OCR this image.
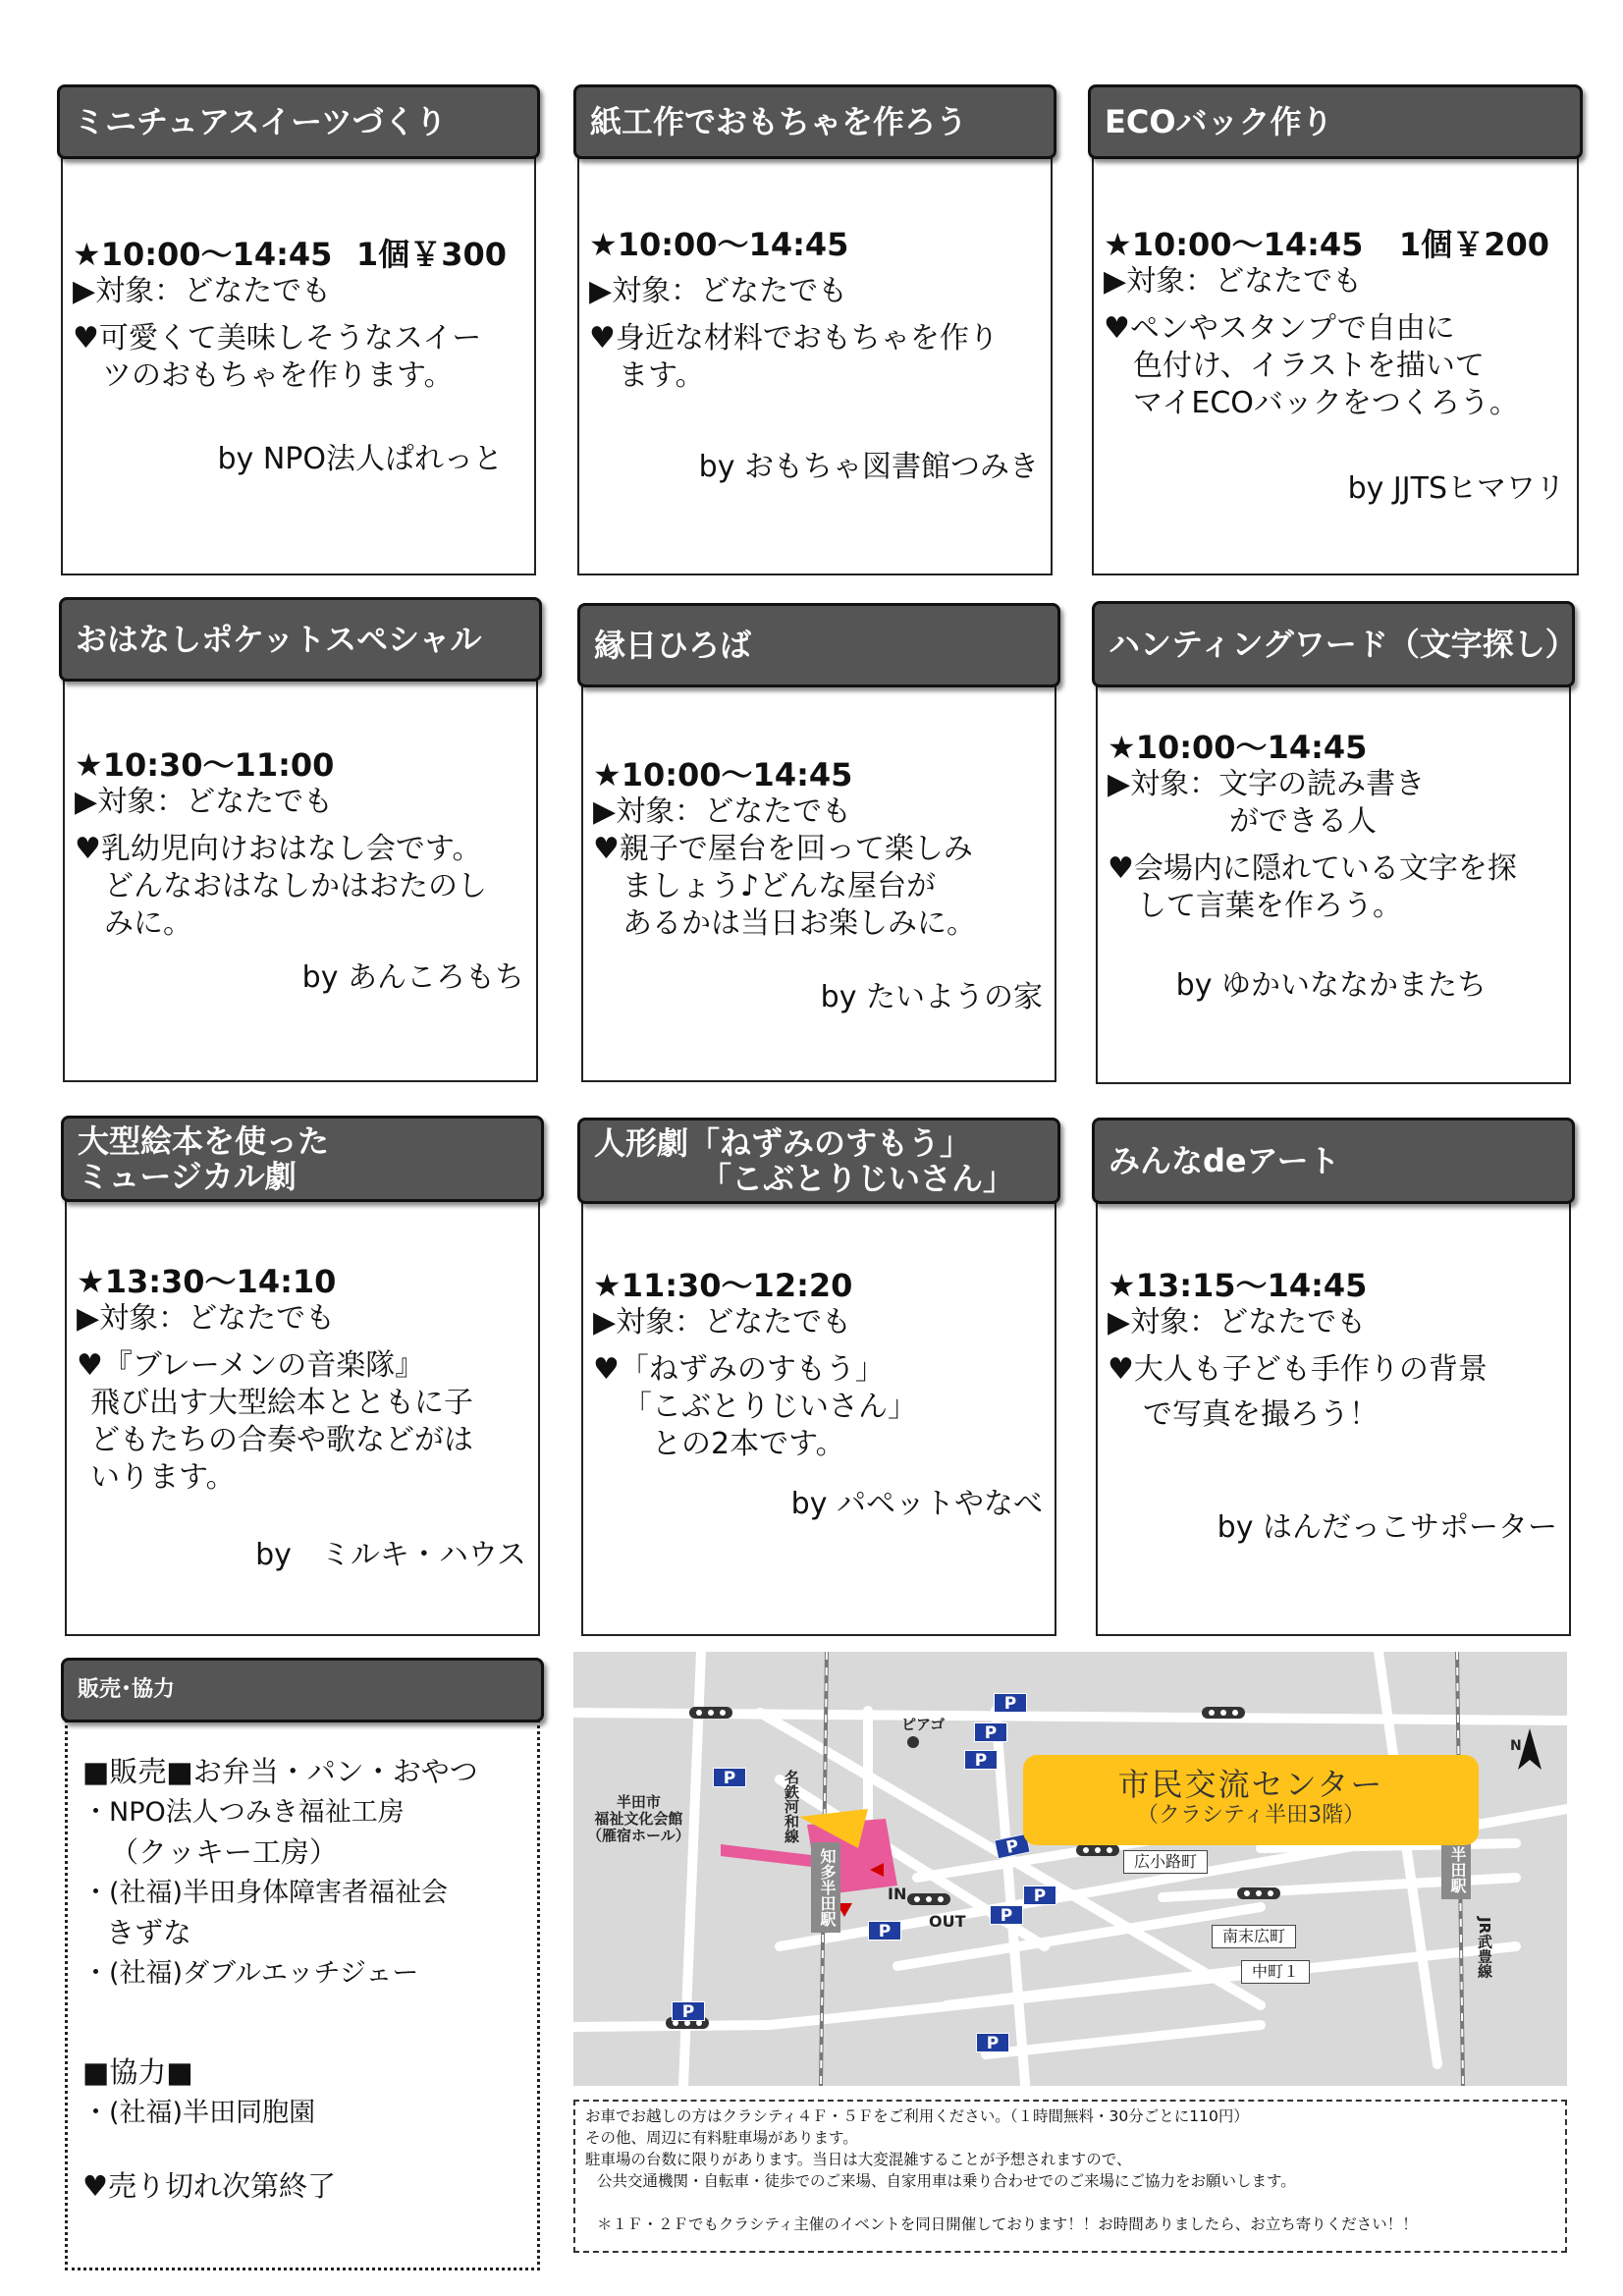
ミニチュアスイーツづくり
★10:00～14:45 1個￥300
▶対象：どなたでも
♥可愛くて美味しそうなスイー
ツのおもちゃを作ります。
by NPO法人ぱれっと
紙工作でおもちゃを作ろう
★10:00～14:45
▶対象：どなたでも
♥身近な材料でおもちゃを作り
ます。
by おもちゃ図書館つみき
ECOバック作り
★10:00～14:45	1個￥200
▶対象：どなたでも
♥ペンやスタンプで自由に
色付け、イラストを描いて
マイECOバックをつくろう。
by JJTSヒマワリ
おはなしポケットスペシャル
★10:30～11:00
▶対象：どなたでも
♥乳幼児向けおはなし会です。
どんなおはなしかはおたのし
みに。
by あんころもち
縁日ひろば
★10:00～14:45
▶対象：どなたでも
♥親子で屋台を回って楽しみ
ましょう♪どんな屋台が
あるかは当日お楽しみに。
by たいようの家
ハンティングワード（文字探し）
★10:00～14:45
▶対象：文字の読み書き
ができる人
♥会場内に隠れている文字を探
して言葉を作ろう。
by ゆかいななかまたち
大型絵本を使った
ミュージカル劇
★13:30～14:10
▶対象：どなたでも
♥『ブレーメンの音楽隊』
飛び出す大型絵本とともに子
どもたちの合奏や歌などがは
いります。
by　ミルキ・ハウス
人形劇「ねずみのすもう」
「こぶとりじいさん」
★11:30～12:20
▶対象：どなたでも
♥「ねずみのすもう」
「こぶとりじいさん」
との2本です。
by パペットやなべ
みんなdeアート
★13:15～14:45
▶対象：どなたでも
♥大人も子ども手作りの背景
で写真を撮ろう！
by はんだっこサポーター
販売･協力
■販売■お弁当・パン・おやつ
・NPO法人つみき福祉工房
（クッキー工房）
・(社福)半田身体障害者福祉会
きずな
・(社福)ダブルエッチジェー
■協力■
・(社福)半田同胞園
♥売り切れ次第終了
P
P
P
P
P
P
P
P
P
P
ピアゴ
半田市
福祉文化会館
（雁宿ホール）	名鉄河和線
知多半田駅	半田駅
JR武豊線
広小路町
南末広町
中町１
IN
OUT
N
市民交流センター
（クラシティ半田3階）
お車でお越しの方はクラシティ４Ｆ・５Ｆをご利用ください。（１時間無料・30分ごとに110円）
その他、周辺に有料駐車場があります。
駐車場の台数に限りがあります。当日は大変混雑することが予想されますので、
公共交通機関・自転車・徒歩でのご来場、自家用車は乗り合わせでのご来場にご協力をお願いします。
＊１Ｆ・２Ｆでもクラシティ主催のイベントを同日開催しております！！お時間ありましたら、お立ち寄りください！！
